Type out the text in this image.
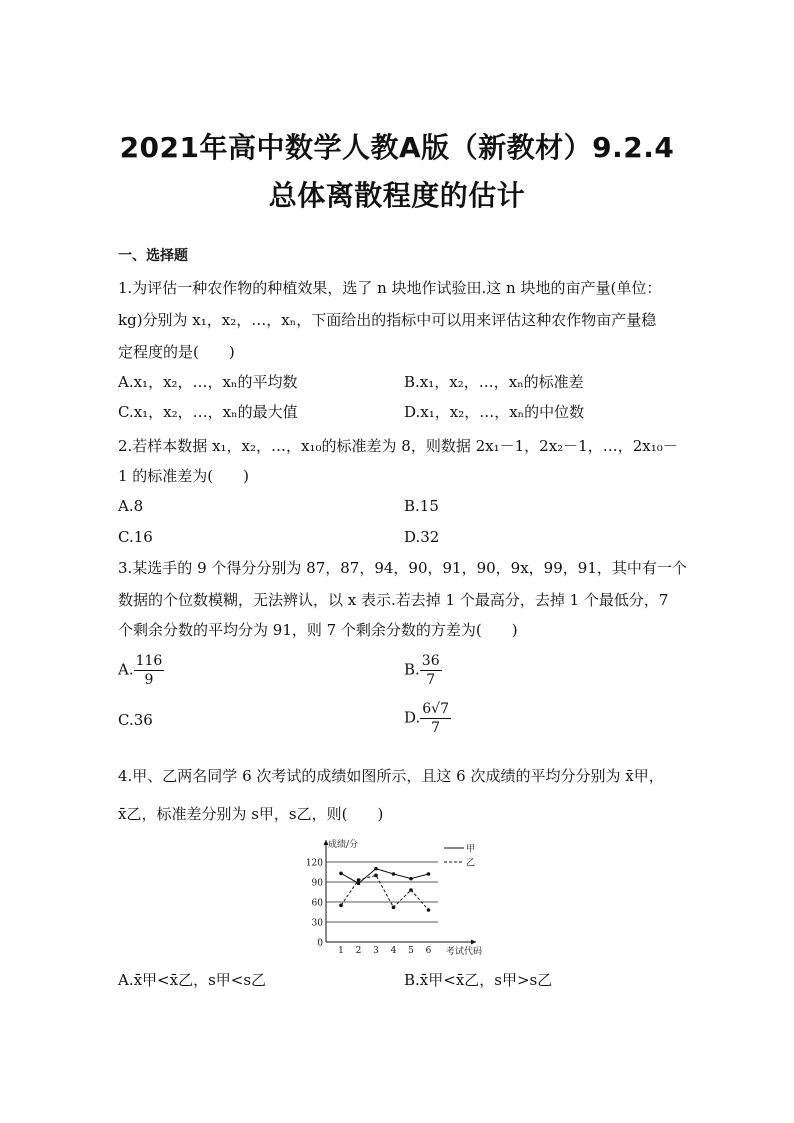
2021年高中数学人教A版（新教材）9.2.4
总体离散程度的估计
一、选择题
1.为评估一种农作物的种植效果，选了 n 块地作试验田.这 n 块地的亩产量(单位：
kg)分别为 x₁，x₂，…，xₙ，下面给出的指标中可以用来评估这种农作物亩产量稳
定程度的是(　　)
A.x₁，x₂，…，xₙ的平均数	B.x₁，x₂，…，xₙ的标准差
C.x₁，x₂，…，xₙ的最大值	D.x₁，x₂，…，xₙ的中位数
2.若样本数据 x₁，x₂，…，x₁₀的标准差为 8，则数据 2x₁－1，2x₂－1，…，2x₁₀－
1 的标准差为(　　)
A.8	B.15
C.16	D.32
3.某选手的 9 个得分分别为 87，87，94，90，91，90，9x，99，91，其中有一个
数据的个位数模糊，无法辨认，以 x 表示.若去掉 1 个最高分，去掉 1 个最低分，7
个剩余分数的平均分为 91，则 7 个剩余分数的方差为(　　)
A. $\frac{116}{9}$	B. $\frac{36}{7}$
C.36	D. $\frac{6√7}{7}$
4.甲、乙两名同学 6 次考试的成绩如图所示，且这 6 次成绩的平均分分别为 x̄甲，
x̄乙，标准差分别为 s甲，s乙，则(　　)
0
30
60
90
120
1 2 3 4 5 6
成绩/分
考试代码
甲
乙
A.x̄甲<x̄乙，s甲<s乙	B.x̄甲<x̄乙，s甲>s乙
